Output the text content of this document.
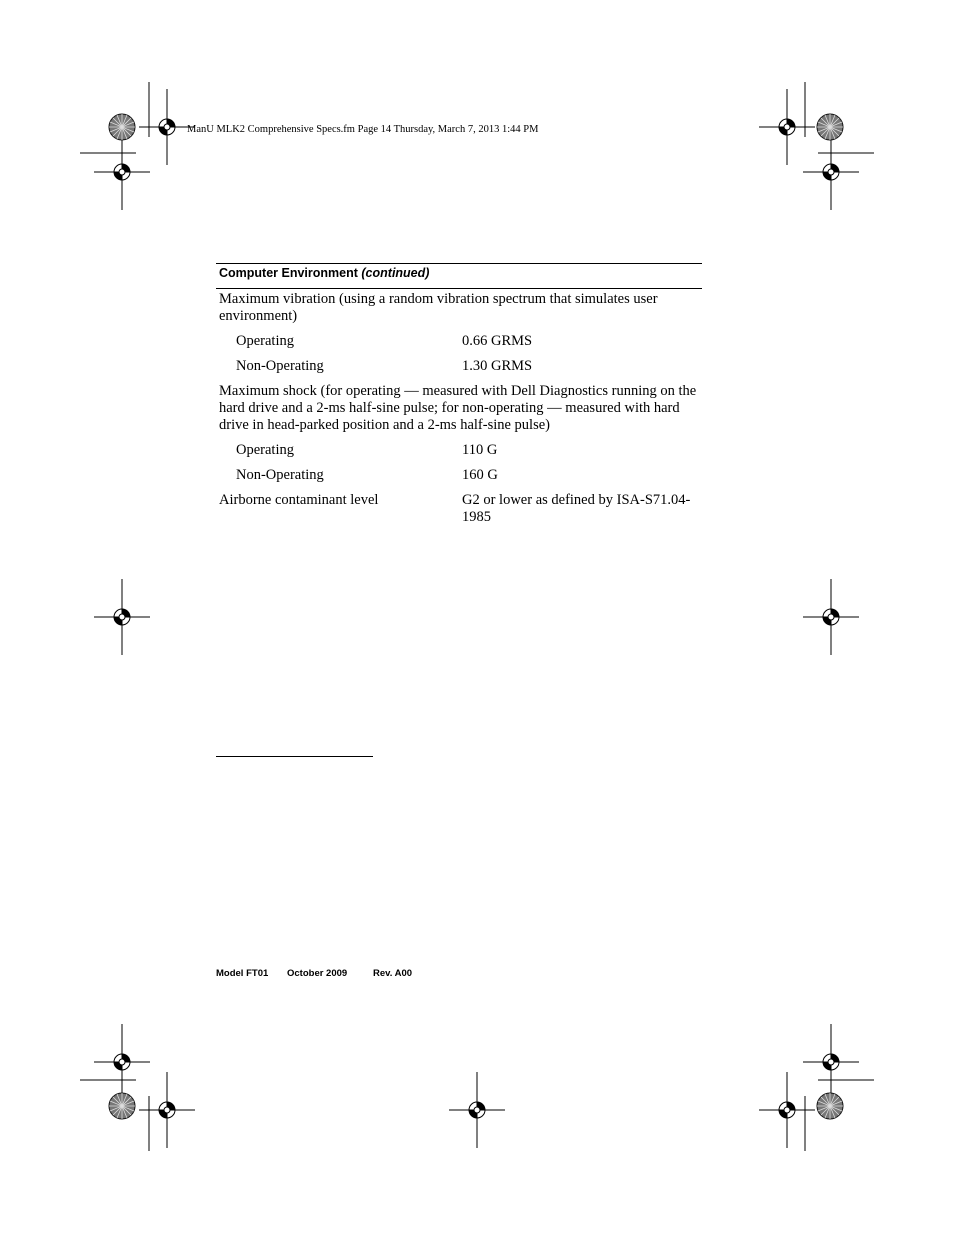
ManU MLK2 Comprehensive Specs.fm Page 14 Thursday, March 7, 2013 1:44 PM
Computer Environment (continued)
Maximum vibration (using a random vibration spectrum that simulates user environment)
Operating	0.66 GRMS
Non-Operating	1.30 GRMS
Maximum shock (for operating — measured with Dell Diagnostics running on the hard drive and a 2-ms half-sine pulse; for non-operating — measured with hard drive in head-parked position and a 2-ms half-sine pulse)
Operating	110 G
Non-Operating	160 G
Airborne contaminant level	G2 or lower as defined by ISA-S71.04-1985
Model FT01 October 2009	Rev. A00
